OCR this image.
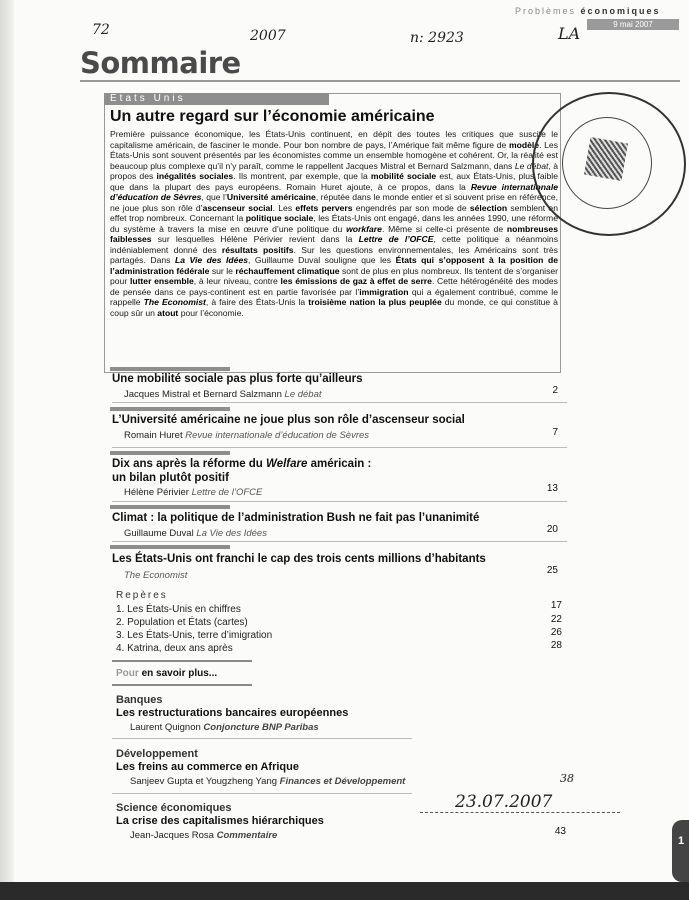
1
Problèmes économiques
9 mai 2007
72	2007	n: 2923	LA
Sommaire
États Unis
Un autre regard sur l’économie américaine
Première puissance économique, les États-Unis continuent, en dépit des toutes les critiques que suscite le capitalisme américain, de fasciner le monde. Pour bon nombre de pays, l’Amérique fait même figure de modèle. Les États-Unis sont souvent présentés par les économistes comme un ensemble homogène et cohérent. Or, la réalité est beaucoup plus complexe qu’il n’y paraît, comme le rappellent Jacques Mistral et Bernard Salzmann, dans Le débat, à propos des inégalités sociales. Ils montrent, par exemple, que la mobilité sociale est, aux États-Unis, plus faible que dans la plupart des pays européens. Romain Huret ajoute, à ce propos, dans la Revue internationale d’éducation de Sèvres, que l’Université américaine, réputée dans le monde entier et si souvent prise en référence, ne joue plus son rôle d’ascenseur social. Les effets pervers engendrés par son mode de sélection semblent en effet trop nombreux. Concernant la politique sociale, les États-Unis ont engagé, dans les années 1990, une réforme du système à travers la mise en œuvre d’une politique du workfare. Même si celle-ci présente de nombreuses faiblesses sur lesquelles Hélène Périvier revient dans la Lettre de l’OFCE, cette politique a néanmoins indéniablement donné des résultats positifs. Sur les questions environnementales, les Américains sont très partagés. Dans La Vie des Idées, Guillaume Duval souligne que les États qui s’opposent à la position de l’administration fédérale sur le réchauffement climatique sont de plus en plus nombreux. Ils tentent de s’organiser pour lutter ensemble, à leur niveau, contre les émissions de gaz à effet de serre. Cette hétérogénéité des modes de pensée dans ce pays-continent est en partie favorisée par l’immigration qui a également contribué, comme le rappelle The Economist, à faire des États-Unis la troisième nation la plus peuplée du monde, ce qui constitue à coup sûr un atout pour l’économie.
Une mobilité sociale pas plus forte qu’ailleurs
Jacques Mistral et Bernard Salzmann Le débat	2
L’Université américaine ne joue plus son rôle d’ascenseur social
Romain Huret Revue internationale d’éducation de Sèvres	7
Dix ans après la réforme du Welfare américain :
un bilan plutôt positif
Hélène Périvier Lettre de l’OFCE	13
Climat : la politique de l’administration Bush ne fait pas l’unanimité
Guillaume Duval La Vie des Idées	20
Les États-Unis ont franchi le cap des trois cents millions d’habitants
The Economist	25
Repères
1. Les États-Unis en chiffres	17
2. Population et États (cartes)	22
3. Les États-Unis, terre d’imigration	26
4. Katrina, deux ans après	28
Pour en savoir plus...
Banques
Les restructurations bancaires européennes
Laurent Quignon Conjoncture BNP Paribas
Développement
Les freins au commerce en Afrique
Sanjeev Gupta et Yougzheng Yang Finances et Développement
Science économiques
La crise des capitalismes hiérarchiques
Jean-Jacques Rosa Commentaire	43
23.07.2007
38
